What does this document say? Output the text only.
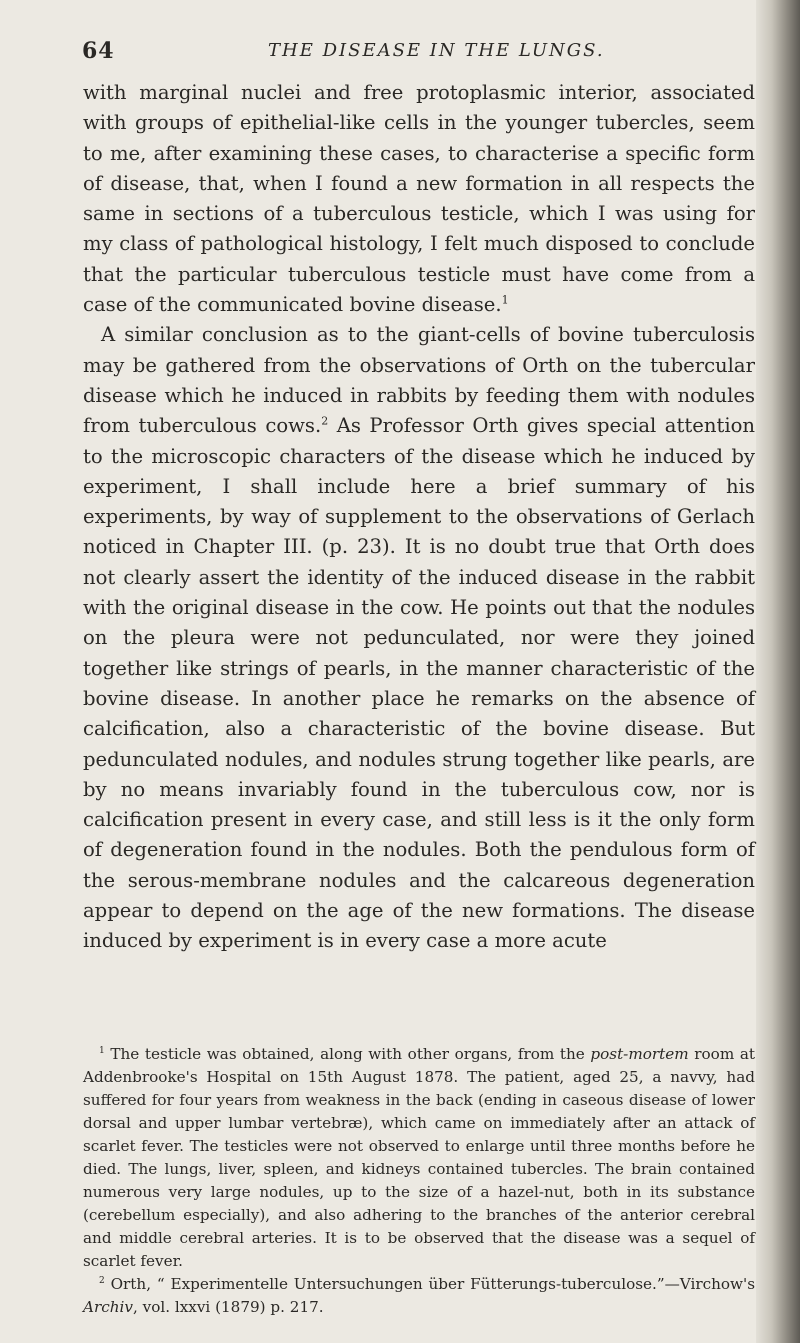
64	THE DISEASE IN THE LUNGS.

with marginal nuclei and free protoplasmic interior, associated with groups of epithelial-like cells in the younger tubercles, seem to me, after examining these cases, to characterise a specific form of disease, that, when I found a new formation in all respects the same in sections of a tuberculous testicle, which I was using for my class of pathological histology, I felt much disposed to conclude that the particular tuberculous testicle must have come from a case of the communicated bovine disease.$^1$

A similar conclusion as to the giant-cells of bovine tuberculosis may be gathered from the observations of Orth on the tubercular disease which he induced in rabbits by feeding them with nodules from tuberculous cows.$^2$ As Professor Orth gives special attention to the microscopic characters of the disease which he induced by experiment, I shall include here a brief summary of his experiments, by way of supplement to the observations of Gerlach noticed in Chapter III. (p. 23). It is no doubt true that Orth does not clearly assert the identity of the induced disease in the rabbit with the original disease in the cow. He points out that the nodules on the pleura were not pedunculated, nor were they joined together like strings of pearls, in the manner characteristic of the bovine disease. In another place he remarks on the absence of calcification, also a characteristic of the bovine disease. But pedunculated nodules, and nodules strung together like pearls, are by no means invariably found in the tuberculous cow, nor is calcification present in every case, and still less is it the only form of degeneration found in the nodules. Both the pendulous form of the serous-membrane nodules and the calcareous degeneration appear to depend on the age of the new formations. The disease induced by experiment is in every case a more acute

$^1$ The testicle was obtained, along with other organs, from the post-mortem room at Addenbrooke's Hospital on 15th August 1878. The patient, aged 25, a navvy, had suffered for four years from weakness in the back (ending in caseous disease of lower dorsal and upper lumbar vertebræ), which came on immediately after an attack of scarlet fever. The testicles were not observed to enlarge until three months before he died. The lungs, liver, spleen, and kidneys contained tubercles. The brain contained numerous very large nodules, up to the size of a hazel-nut, both in its substance (cerebellum especially), and also adhering to the branches of the anterior cerebral and middle cerebral arteries. It is to be observed that the disease was a sequel of scarlet fever.

$^2$ Orth, “ Experimentelle Untersuchungen über Fütterungs-tuberculose.”—Virchow's Archiv, vol. lxxvi (1879) p. 217.
